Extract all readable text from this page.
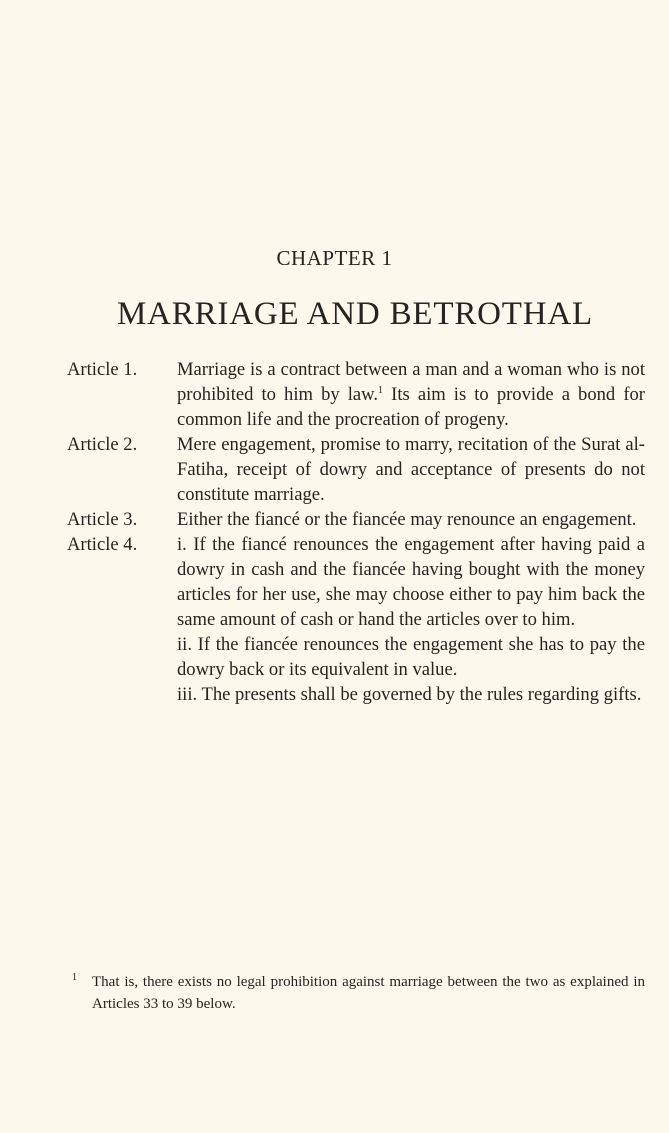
CHAPTER 1
MARRIAGE AND BETROTHAL
Article 1.	Marriage is a contract between a man and a woman who is not prohibited to him by law.$^1$ Its aim is to provide a bond for common life and the procreation of progeny.
Article 2.	Mere engagement, promise to marry, recitation of the Surat al-Fatiha, receipt of dowry and acceptance of presents do not constitute marriage.
Article 3.	Either the fiancé or the fiancée may renounce an engagement.
Article 4.	i. If the fiancé renounces the engagement after having paid a dowry in cash and the fiancée having bought with the money articles for her use, she may choose either to pay him back the same amount of cash or hand the articles over to him.

ii. If the fiancée renounces the engagement she has to pay the dowry back or its equivalent in value.

iii. The presents shall be governed by the rules regarding gifts.

1	That is, there exists no legal prohibition against marriage between the two as explained in Articles 33 to 39 below.
